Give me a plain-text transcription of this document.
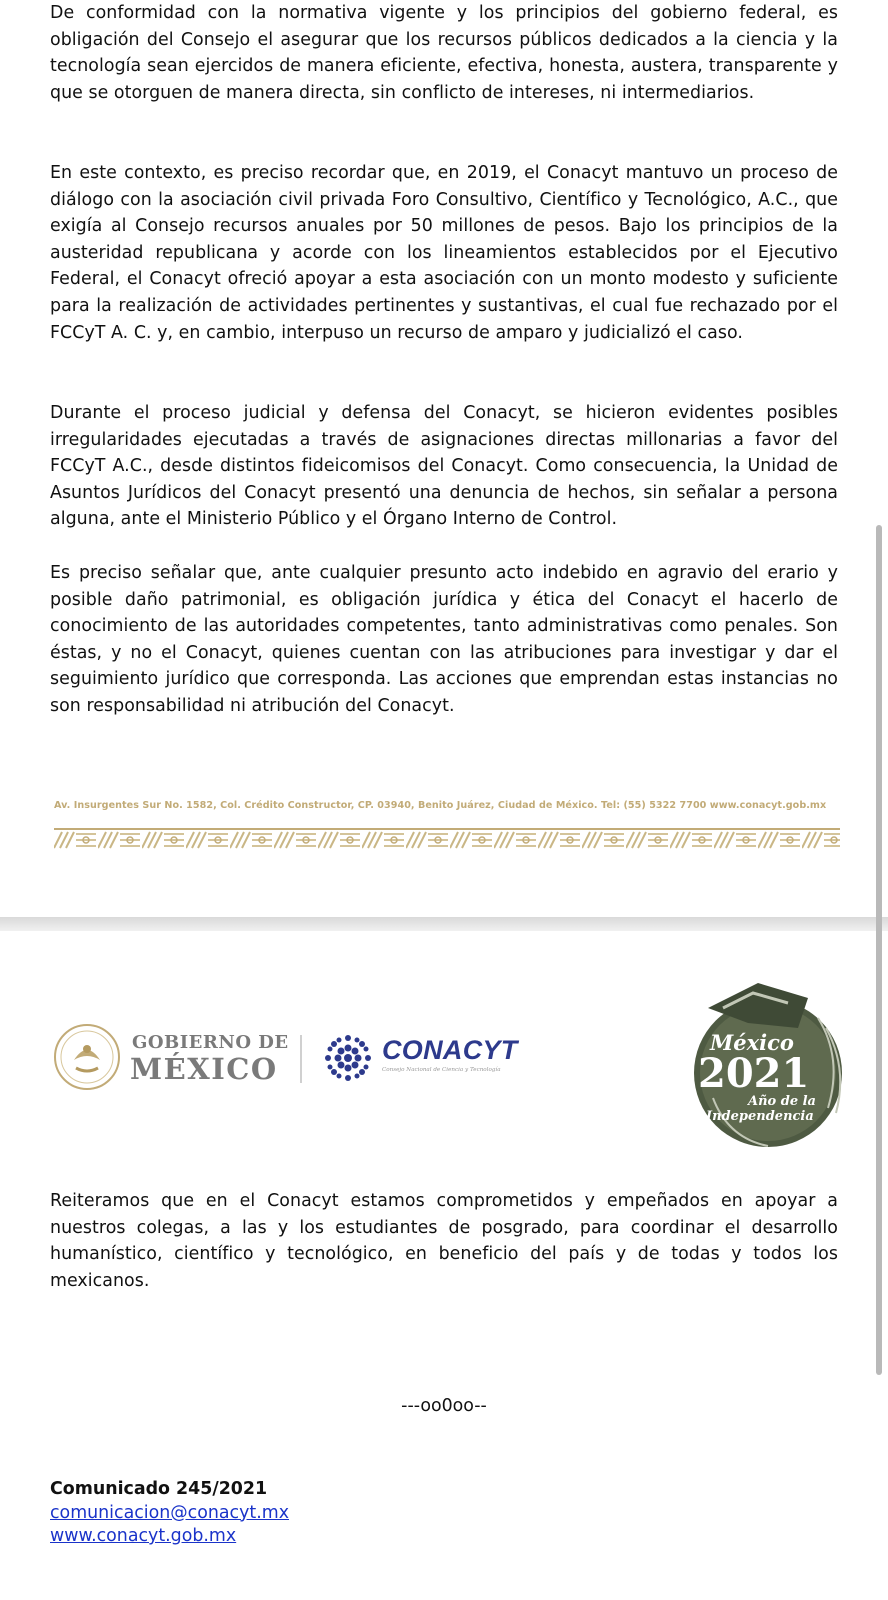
De conformidad con la normativa vigente y los principios del gobierno federal, es obligación del Consejo el asegurar que los recursos públicos dedicados a la ciencia y la tecnología sean ejercidos de manera eficiente, efectiva, honesta, austera, transparente y que se otorguen de manera directa, sin conflicto de intereses, ni intermediarios.

En este contexto, es preciso recordar que, en 2019, el Conacyt mantuvo un proceso de diálogo con la asociación civil privada Foro Consultivo, Científico y Tecnológico, A.C., que exigía al Consejo recursos anuales por 50 millones de pesos. Bajo los principios de la austeridad republicana y acorde con los lineamientos establecidos por el Ejecutivo Federal, el Conacyt ofreció apoyar a esta asociación con un monto modesto y suficiente para la realización de actividades pertinentes y sustantivas, el cual fue rechazado por el FCCyT A. C. y, en cambio, interpuso un recurso de amparo y judicializó el caso.

Durante el proceso judicial y defensa del Conacyt, se hicieron evidentes posibles irregularidades ejecutadas a través de asignaciones directas millonarias a favor del FCCyT A.C., desde distintos fideicomisos del Conacyt. Como consecuencia, la Unidad de Asuntos Jurídicos del Conacyt presentó una denuncia de hechos, sin señalar a persona alguna, ante el Ministerio Público y el Órgano Interno de Control.

Es preciso señalar que, ante cualquier presunto acto indebido en agravio del erario y posible daño patrimonial, es obligación jurídica y ética del Conacyt el hacerlo de conocimiento de las autoridades competentes, tanto administrativas como penales. Son éstas, y no el Conacyt, quienes cuentan con las atribuciones para investigar y dar el seguimiento jurídico que corresponda. Las acciones que emprendan estas instancias no son responsabilidad ni atribución del Conacyt.

Av. Insurgentes Sur No. 1582, Col. Crédito Constructor, CP. 03940, Benito Juárez, Ciudad de México. Tel: (55) 5322 7700 www.conacyt.gob.mx
GOBIERNO DE
MÉXICO
CONACYT
Consejo Nacional de Ciencia y Tecnología
México
2021
Año de la
Independencia

Reiteramos que en el Conacyt estamos comprometidos y empeñados en apoyar a nuestros colegas, a las y los estudiantes de posgrado, para coordinar el desarrollo humanístico, científico y tecnológico, en beneficio del país y de todas y todos los mexicanos.

---oo0oo--
Comunicado 245/2021
comunicacion@conacyt.mx
www.conacyt.gob.mx
